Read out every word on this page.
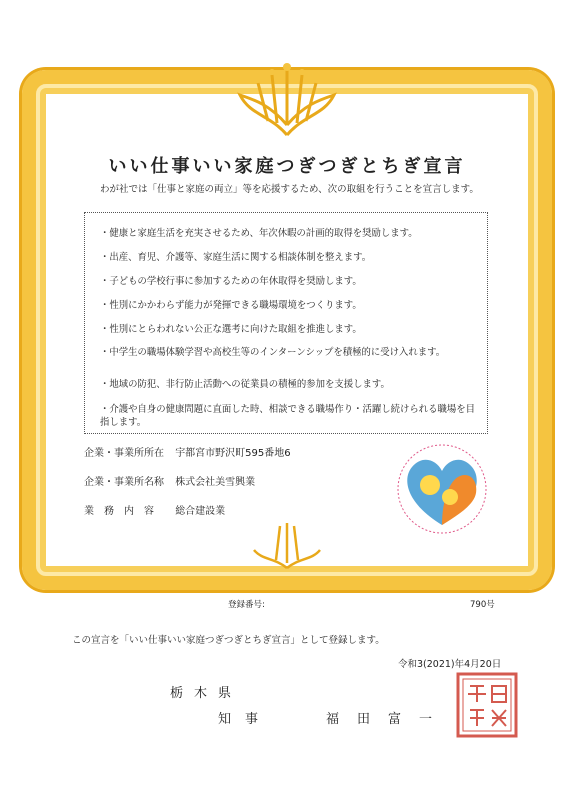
いい仕事いい家庭つぎつぎとちぎ宣言
わが社では「仕事と家庭の両立」等を応援するため、次の取組を行うことを宣言します。
・健康と家庭生活を充実させるため、年次休暇の計画的取得を奨励します。
・出産、育児、介護等、家庭生活に関する相談体制を整えます。
・子どもの学校行事に参加するための年休取得を奨励します。
・性別にかかわらず能力が発揮できる職場環境をつくります。
・性別にとらわれない公正な選考に向けた取組を推進します。
・中学生の職場体験学習や高校生等のインターンシップを積極的に受け入れます。
・地域の防犯、非行防止活動への従業員の積極的参加を支援します。
・介護や自身の健康問題に直面した時、相談できる職場作り・活躍し続けられる職場を目指します。
企業・事業所所在 宇都宮市野沢町595番地6
企業・事業所名称 株式会社美雪興業
業　務　内　容 総合建設業
登録番号:	790号
この宣言を「いい仕事いい家庭つぎつぎとちぎ宣言」として登録します。
令和3(2021)年4月20日
栃木県
知事	福田富一
